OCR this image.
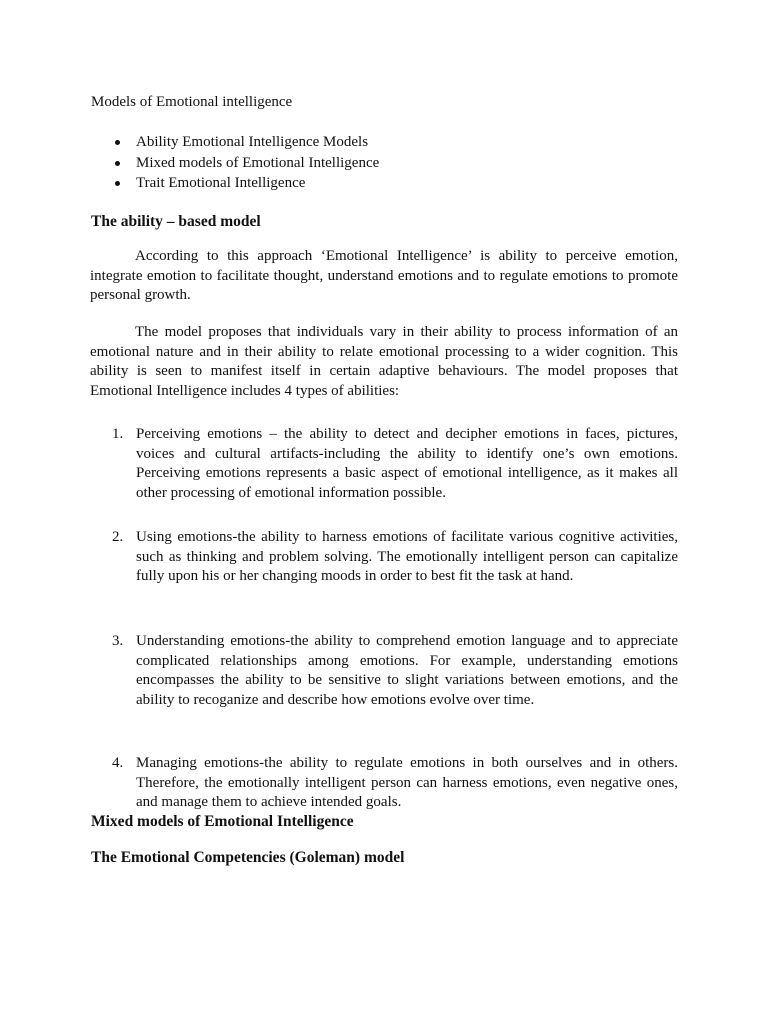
Models of Emotional intelligence

Ability Emotional Intelligence Models
Mixed models of Emotional Intelligence
Trait Emotional Intelligence
The ability – based model

According to this approach ‘Emotional Intelligence’ is ability to perceive emotion, integrate emotion to facilitate thought, understand emotions and to regulate emotions to promote personal growth.

The model proposes that individuals vary in their ability to process information of an emotional nature and in their ability to relate emotional processing to a wider cognition. This ability is seen to manifest itself in certain adaptive behaviours. The model proposes that Emotional Intelligence includes 4 types of abilities:

1. Perceiving emotions – the ability to detect and decipher emotions in faces, pictures, voices and cultural artifacts-including the ability to identify one’s own emotions. Perceiving emotions represents a basic aspect of emotional intelligence, as it makes all other processing of emotional information possible.
2. Using emotions-the ability to harness emotions of facilitate various cognitive activities, such as thinking and problem solving. The emotionally intelligent person can capitalize fully upon his or her changing moods in order to best fit the task at hand.
3. Understanding emotions-the ability to comprehend emotion language and to appreciate complicated relationships among emotions. For example, understanding emotions encompasses the ability to be sensitive to slight variations between emotions, and the ability to recoganize and describe how emotions evolve over time.
4. Managing emotions-the ability to regulate emotions in both ourselves and in others. Therefore, the emotionally intelligent person can harness emotions, even negative ones, and manage them to achieve intended goals.
Mixed models of Emotional Intelligence
The Emotional Competencies (Goleman) model
